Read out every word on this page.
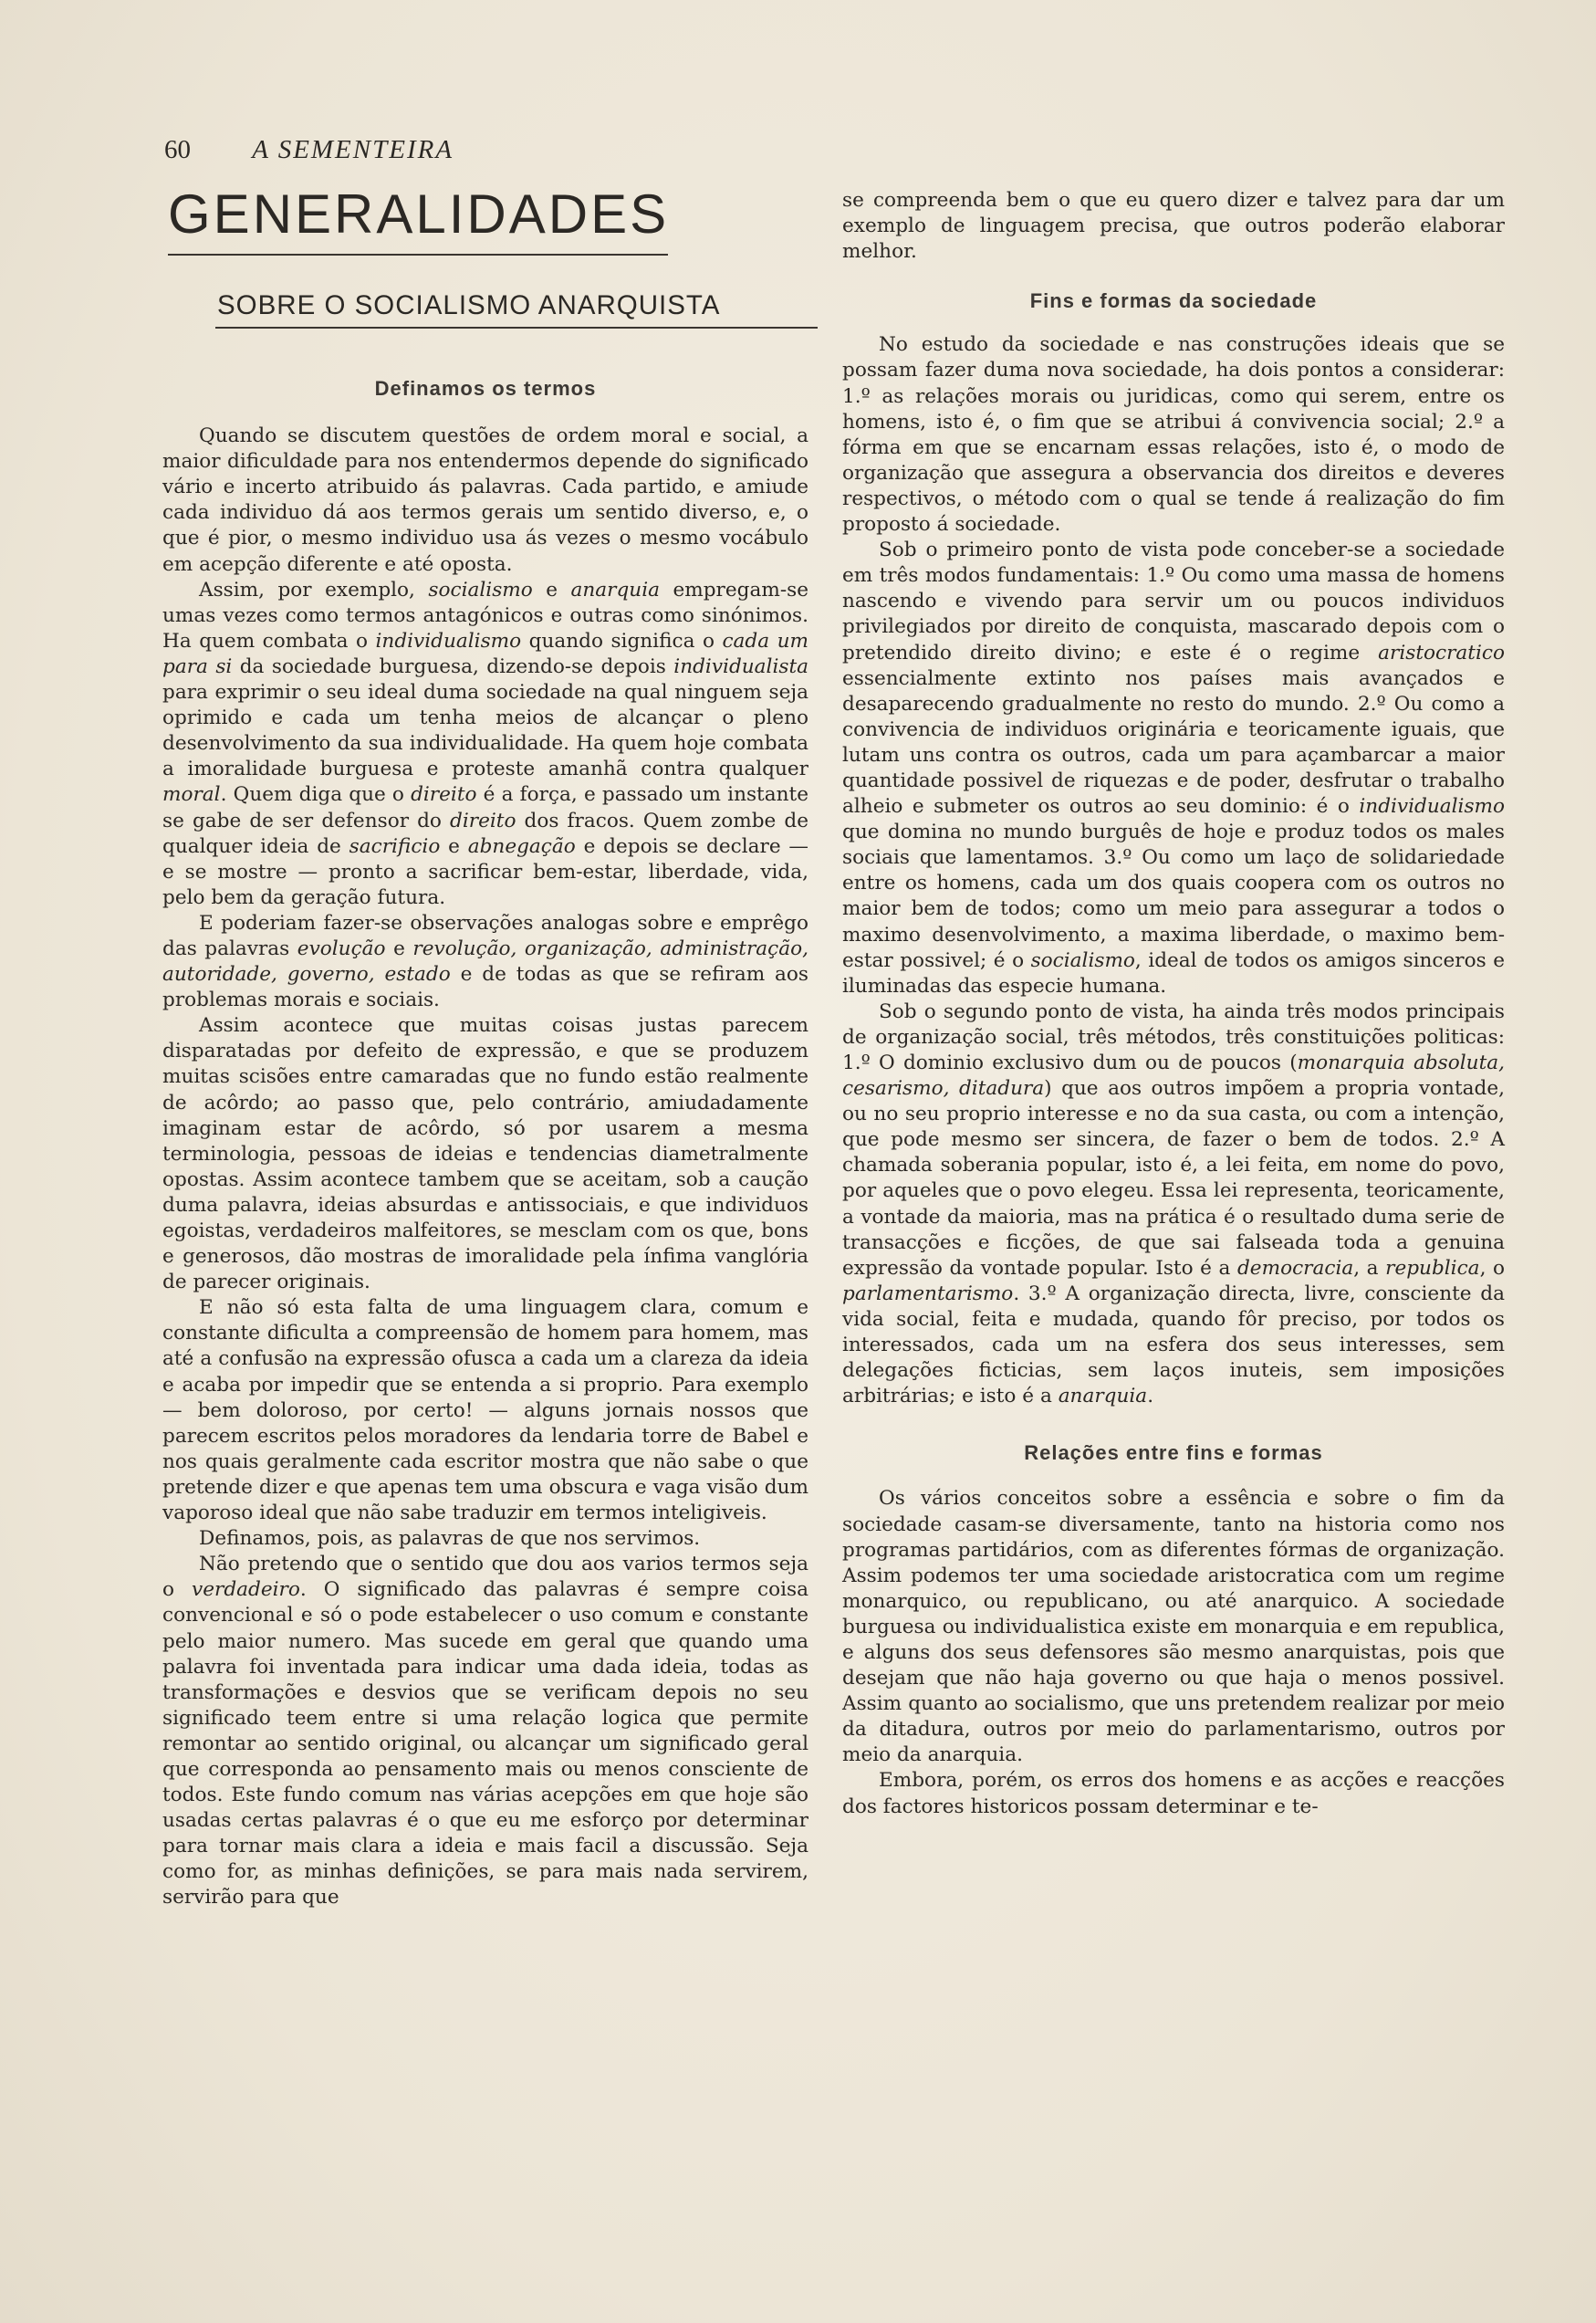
60 A SEMENTEIRA
GENERALIDADES
SOBRE O SOCIALISMO ANARQUISTA
Definamos os termos

Quando se discutem questões de ordem moral e social, a maior dificuldade para nos entendermos depende do significado vário e incerto atribuido ás palavras. Cada partido, e amiude cada individuo dá aos termos gerais um sentido diverso, e, o que é pior, o mesmo individuo usa ás vezes o mesmo vocábulo em acepção diferente e até oposta.

Assim, por exemplo, socialismo e anarquia empregam-se umas vezes como termos antagónicos e outras como sinónimos. Ha quem combata o individualismo quando significa o cada um para si da sociedade burguesa, dizendo-se depois individualista para exprimir o seu ideal duma sociedade na qual ninguem seja oprimido e cada um tenha meios de alcançar o pleno desenvolvimento da sua individualidade. Ha quem hoje combata a imoralidade burguesa e proteste amanhã contra qualquer moral. Quem diga que o direito é a força, e passado um instante se gabe de ser defensor do direito dos fracos. Quem zombe de qualquer ideia de sacrificio e abnegação e depois se declare — e se mostre — pronto a sacrificar bem-estar, liberdade, vida, pelo bem da geração futura.

E poderiam fazer-se observações analogas sobre e emprêgo das palavras evolução e revolução, organização, administração, autoridade, governo, estado e de todas as que se refiram aos problemas morais e sociais.

Assim acontece que muitas coisas justas parecem disparatadas por defeito de expressão, e que se produzem muitas scisões entre camaradas que no fundo estão realmente de acôrdo; ao passo que, pelo contrário, amiudadamente imaginam estar de acôrdo, só por usarem a mesma terminologia, pessoas de ideias e tendencias diametralmente opostas. Assim acontece tambem que se aceitam, sob a caução duma palavra, ideias absurdas e antissociais, e que individuos egoistas, verdadeiros malfeitores, se mesclam com os que, bons e generosos, dão mostras de imoralidade pela ínfima vanglória de parecer originais.

E não só esta falta de uma linguagem clara, comum e constante dificulta a compreensão de homem para homem, mas até a confusão na expressão ofusca a cada um a clareza da ideia e acaba por impedir que se entenda a si proprio. Para exemplo — bem doloroso, por certo! — alguns jornais nossos que parecem escritos pelos moradores da lendaria torre de Babel e nos quais geralmente cada escritor mostra que não sabe o que pretende dizer e que apenas tem uma obscura e vaga visão dum vaporoso ideal que não sabe traduzir em termos inteligiveis.

Definamos, pois, as palavras de que nos servimos.

Não pretendo que o sentido que dou aos varios termos seja o verdadeiro. O significado das palavras é sempre coisa convencional e só o pode estabelecer o uso comum e constante pelo maior numero. Mas sucede em geral que quando uma palavra foi inventada para indicar uma dada ideia, todas as transformações e desvios que se verificam depois no seu significado teem entre si uma relação logica que permite remontar ao sentido original, ou alcançar um significado geral que corresponda ao pensamento mais ou menos consciente de todos. Este fundo comum nas várias acepções em que hoje são usadas certas palavras é o que eu me esforço por determinar para tornar mais clara a ideia e mais facil a discussão. Seja como for, as minhas definições, se para mais nada servirem, servirão para que

se compreenda bem o que eu quero dizer e talvez para dar um exemplo de linguagem precisa, que outros poderão elaborar melhor.

Fins e formas da sociedade

No estudo da sociedade e nas construções ideais que se possam fazer duma nova sociedade, ha dois pontos a considerar: 1.º as relações morais ou juridicas, como qui serem, entre os homens, isto é, o fim que se atribui á convivencia social; 2.º a fórma em que se encarnam essas relações, isto é, o modo de organização que assegura a observancia dos direitos e deveres respectivos, o método com o qual se tende á realização do fim proposto á sociedade.

Sob o primeiro ponto de vista pode conceber-se a sociedade em três modos fundamentais: 1.º Ou como uma massa de homens nascendo e vivendo para servir um ou poucos individuos privilegiados por direito de conquista, mascarado depois com o pretendido direito divino; e este é o regime aristocratico essencialmente extinto nos países mais avançados e desaparecendo gradualmente no resto do mundo. 2.º Ou como a convivencia de individuos originária e teoricamente iguais, que lutam uns contra os outros, cada um para açambarcar a maior quantidade possivel de riquezas e de poder, desfrutar o trabalho alheio e submeter os outros ao seu dominio: é o individualismo que domina no mundo burguês de hoje e produz todos os males sociais que lamentamos. 3.º Ou como um laço de solidariedade entre os homens, cada um dos quais coopera com os outros no maior bem de todos; como um meio para assegurar a todos o maximo desenvolvimento, a maxima liberdade, o maximo bem-estar possivel; é o socialismo, ideal de todos os amigos sinceros e iluminadas das especie humana.

Sob o segundo ponto de vista, ha ainda três modos principais de organização social, três métodos, três constituições politicas: 1.º O dominio exclusivo dum ou de poucos (monarquia absoluta, cesarismo, ditadura) que aos outros impõem a propria vontade, ou no seu proprio interesse e no da sua casta, ou com a intenção, que pode mesmo ser sincera, de fazer o bem de todos. 2.º A chamada soberania popular, isto é, a lei feita, em nome do povo, por aqueles que o povo elegeu. Essa lei representa, teoricamente, a vontade da maioria, mas na prática é o resultado duma serie de transacções e ficções, de que sai falseada toda a genuina expressão da vontade popular. Isto é a democracia, a republica, o parlamentarismo. 3.º A organização directa, livre, consciente da vida social, feita e mudada, quando fôr preciso, por todos os interessados, cada um na esfera dos seus interesses, sem delegações ficticias, sem laços inuteis, sem imposições arbitrárias; e isto é a anarquia.

Relações entre fins e formas

Os vários conceitos sobre a essência e sobre o fim da sociedade casam-se diversamente, tanto na historia como nos programas partidários, com as diferentes fórmas de organização. Assim podemos ter uma sociedade aristocratica com um regime monarquico, ou republicano, ou até anarquico. A sociedade burguesa ou individualistica existe em monarquia e em republica, e alguns dos seus defensores são mesmo anarquistas, pois que desejam que não haja governo ou que haja o menos possivel. Assim quanto ao socialismo, que uns pretendem realizar por meio da ditadura, outros por meio do parlamentarismo, outros por meio da anarquia.

Embora, porém, os erros dos homens e as acções e reacções dos factores historicos possam determinar e te-
